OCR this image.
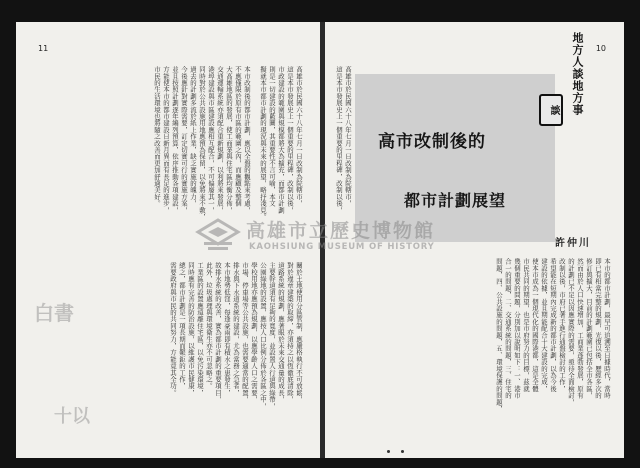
11
本市改制後的都市計劃，應以全盤的觀點來考慮，
不應僅限於原有市區的範圍之內，而應顧及整個
大高雄地區的發展，使工商業與住宅區均衡分佈，
交通運輸系統亦須配合重新規劃，以利將來發展，
港埠建設與市區建設應相互配合，不可偏廢其一，
同時對於公共設施用地應預為保留，以免將來不敷，
過去的計劃多流於紙上作業，缺乏實施的魄力，
今後應針對實際需要，訂定切實可行的實施方案，
並且按照計劃逐年編列預算，依序推動各項建設，
方能使本市的都市建設日新月異而有長足的進步，
市民的生活環境也將隨之改善而更加舒適美好。
關於土地使用分區管制，應嚴格執行不可放鬆，
對於違章建築的取締，亦須持之以恆徹底清除，
道路系統的規劃，應著眼於未來交通量的成長，
主要幹道須有足夠的寬度，並設置人行道與綠帶，
公園綠地的設置，應按人口比例分佈於各區之中，
學校用地亦應預為規劃，以應學齡人口之需要，
市場、停車場等公共設施，也需要適當的配置，
排水與下水道系統的建設，尤為當務之急者，
本市地勢低窪，每逢豪雨即有積水之患發生，
故排水系統的改善，實為都市計劃的重要項目，
此外，垃圾處理與環境衛生亦不可忽略之。
工業區的設置應遠離住宅區，以免污染環境，
同時應有完善的防治設施，以維護市民健康，
總之，都市計劃是一項長期而艱鉅的工作，
需要政府與市民的共同努力，方能竟其全功。
高雄市於民國六十八年七月一日改制為院轄市，
這是本市發展史上一個重要的里程碑，改制以後，
市政建設的範圍與規模都將大為擴充，而都市計劃
則是一切建設的藍圖，其重要性不言可喻，本文
擬就本市都市計劃的現況與未來的展望，略抒淺見。
白書
十以
10
高雄市於民國六十八年七月一日改制為院轄市，
這是本市發展史上一個重要的里程碑，改制以後， 高市改制後的
都市計劃展望
地方人談地方事
談
許仲川
本市的都市計劃，最早可追溯至日據時代，當時
即已有相當完整的規劃，光復以後，歷經多次的
修訂與擴大，目前的計劃範圍已包括全市各區，
然而由於人口快速增加，工商業蓬勃發展，原有
的計劃已不足以因應實際的需要，亟待全面檢討，
改制以後，市府已著手進行通盤檢討的工作，
希望能在短期內完成新的都市計劃，以為今後
建設的依據，並且期能配合十大建設的完成，
使本市成為一個現代化的國際港都，這是全體
市民共同的期望，也是市府努力的目標，茲就
幾個重要的問題，分別加以說明如下：一、港市
合一的問題，二、交通系統的問題，三、住宅的
問題，四、公共設施的問題，五、環境保護的問題，
高雄市立歷史博物館
KAOHSIUNG MUSEUM OF HISTORY
